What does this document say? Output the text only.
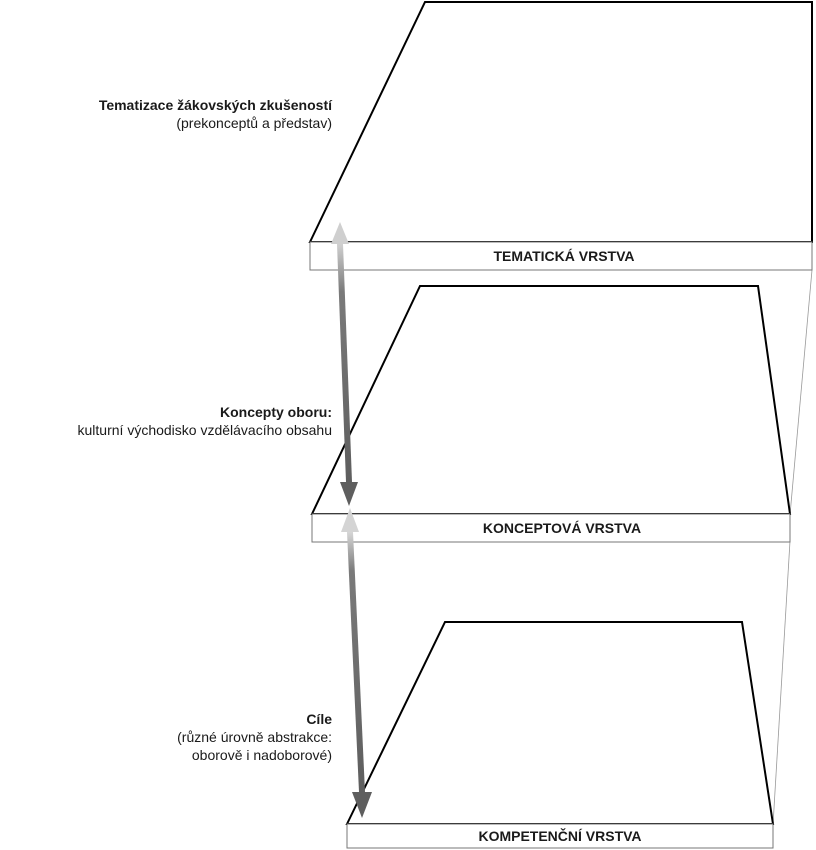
TEMATICKÁ VRSTVA
KONCEPTOVÁ VRSTVA
KOMPETENČNÍ VRSTVA
Tematizace žákovských zkušeností
(prekonceptů a představ)
Koncepty oboru:
kulturní východisko vzdělávacího obsahu
Cíle
(různé úrovně abstrakce:
oborově i nadoborové)
